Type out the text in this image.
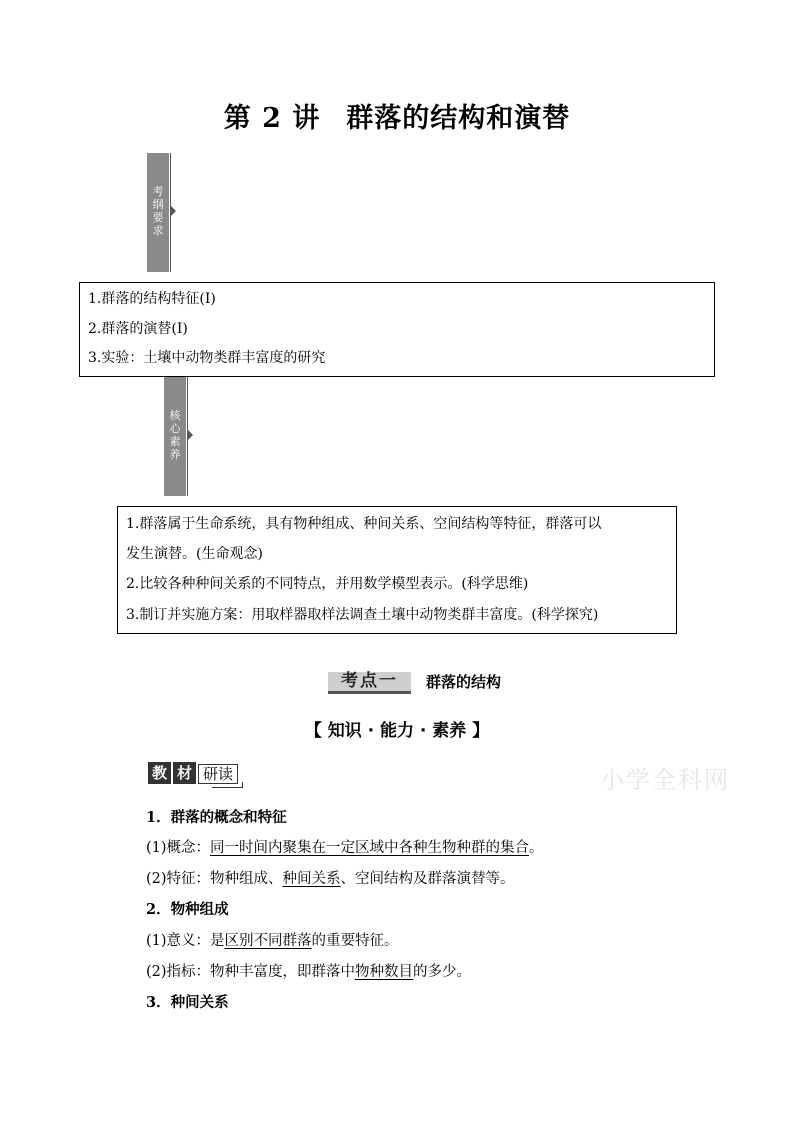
第 2 讲 群落的结构和演替
考
纲
要
求
1.群落的结构特征(Ⅰ)
2.群落的演替(Ⅰ)
3.实验：土壤中动物类群丰富度的研究
核
心
素
养
1.群落属于生命系统，具有物种组成、种间关系、空间结构等特征，群落可以
发生演替。(生命观念)
2.比较各种种间关系的不同特点，并用数学模型表示。(科学思维)
3.制订并实施方案：用取样器取样法调查土壤中动物类群丰富度。(科学探究)
考点一	群落的结构
【 知识 · 能力 · 素养 】
教 材 研读	小学全科网
1．群落的概念和特征
(1)概念：同一时间内聚集在一定区域中各种生物种群的集合。
(2)特征：物种组成、种间关系、空间结构及群落演替等。
2．物种组成
(1)意义：是区别不同群落的重要特征。
(2)指标：物种丰富度，即群落中物种数目的多少。
3．种间关系
